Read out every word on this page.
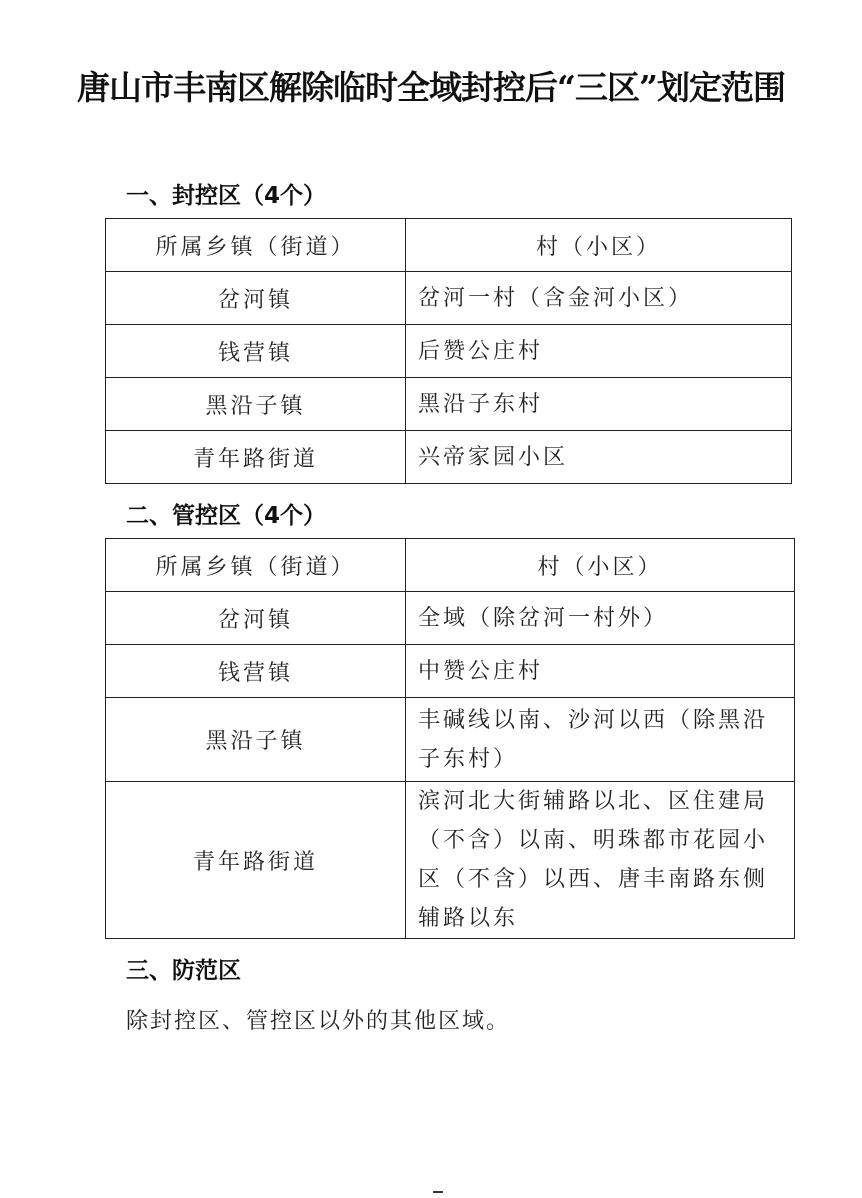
唐山市丰南区解除临时全域封控后“三区”划定范围
一、封控区（4个）
所属乡镇（街道）	村（小区）
岔河镇	岔河一村（含金河小区）
钱营镇	后赞公庄村
黑沿子镇	黑沿子东村
青年路街道	兴帝家园小区
二、管控区（4个）
所属乡镇（街道）	村（小区）
岔河镇	全域（除岔河一村外）
钱营镇	中赞公庄村
黑沿子镇	丰碱线以南、沙河以西（除黑沿子东村）
青年路街道	滨河北大街辅路以北、区住建局（不含）以南、明珠都市花园小区（不含）以西、唐丰南路东侧辅路以东
三、防范区
除封控区、管控区以外的其他区域。
